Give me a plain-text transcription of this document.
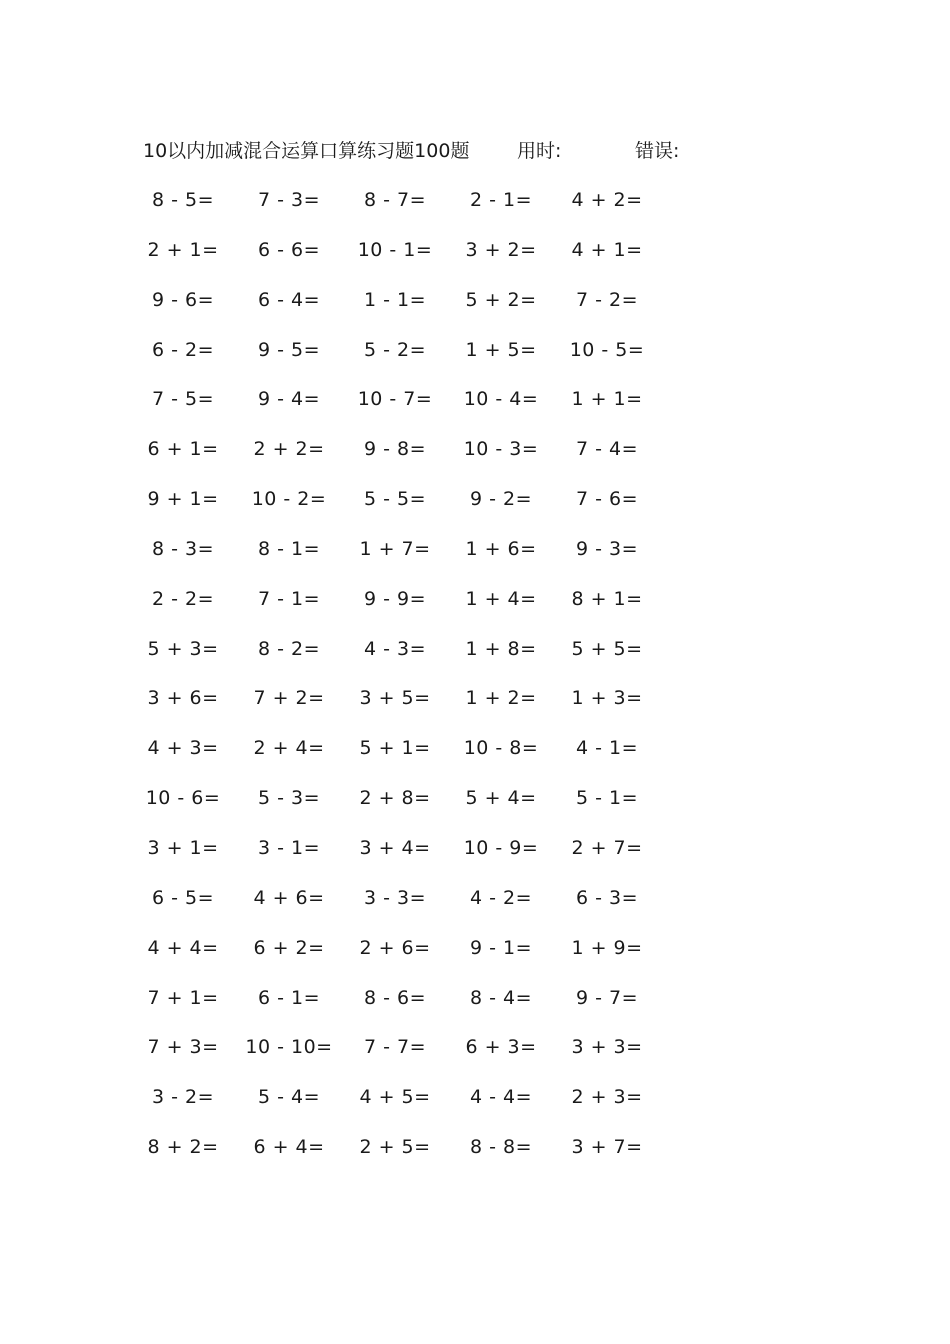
10以内加减混合运算口算练习题100题	用时:	错误:
8 - 5=	7 - 3=	8 - 7=	2 - 1=	4 + 2=
2 + 1=	6 - 6=	10 - 1=	3 + 2=	4 + 1=
9 - 6=	6 - 4=	1 - 1=	5 + 2=	7 - 2=
6 - 2=	9 - 5=	5 - 2=	1 + 5=	10 - 5=
7 - 5=	9 - 4=	10 - 7=	10 - 4=	1 + 1=
6 + 1=	2 + 2=	9 - 8=	10 - 3=	7 - 4=
9 + 1=	10 - 2=	5 - 5=	9 - 2=	7 - 6=
8 - 3=	8 - 1=	1 + 7=	1 + 6=	9 - 3=
2 - 2=	7 - 1=	9 - 9=	1 + 4=	8 + 1=
5 + 3=	8 - 2=	4 - 3=	1 + 8=	5 + 5=
3 + 6=	7 + 2=	3 + 5=	1 + 2=	1 + 3=
4 + 3=	2 + 4=	5 + 1=	10 - 8=	4 - 1=
10 - 6=	5 - 3=	2 + 8=	5 + 4=	5 - 1=
3 + 1=	3 - 1=	3 + 4=	10 - 9=	2 + 7=
6 - 5=	4 + 6=	3 - 3=	4 - 2=	6 - 3=
4 + 4=	6 + 2=	2 + 6=	9 - 1=	1 + 9=
7 + 1=	6 - 1=	8 - 6=	8 - 4=	9 - 7=
7 + 3=	10 - 10=	7 - 7=	6 + 3=	3 + 3=
3 - 2=	5 - 4=	4 + 5=	4 - 4=	2 + 3=
8 + 2=	6 + 4=	2 + 5=	8 - 8=	3 + 7=
